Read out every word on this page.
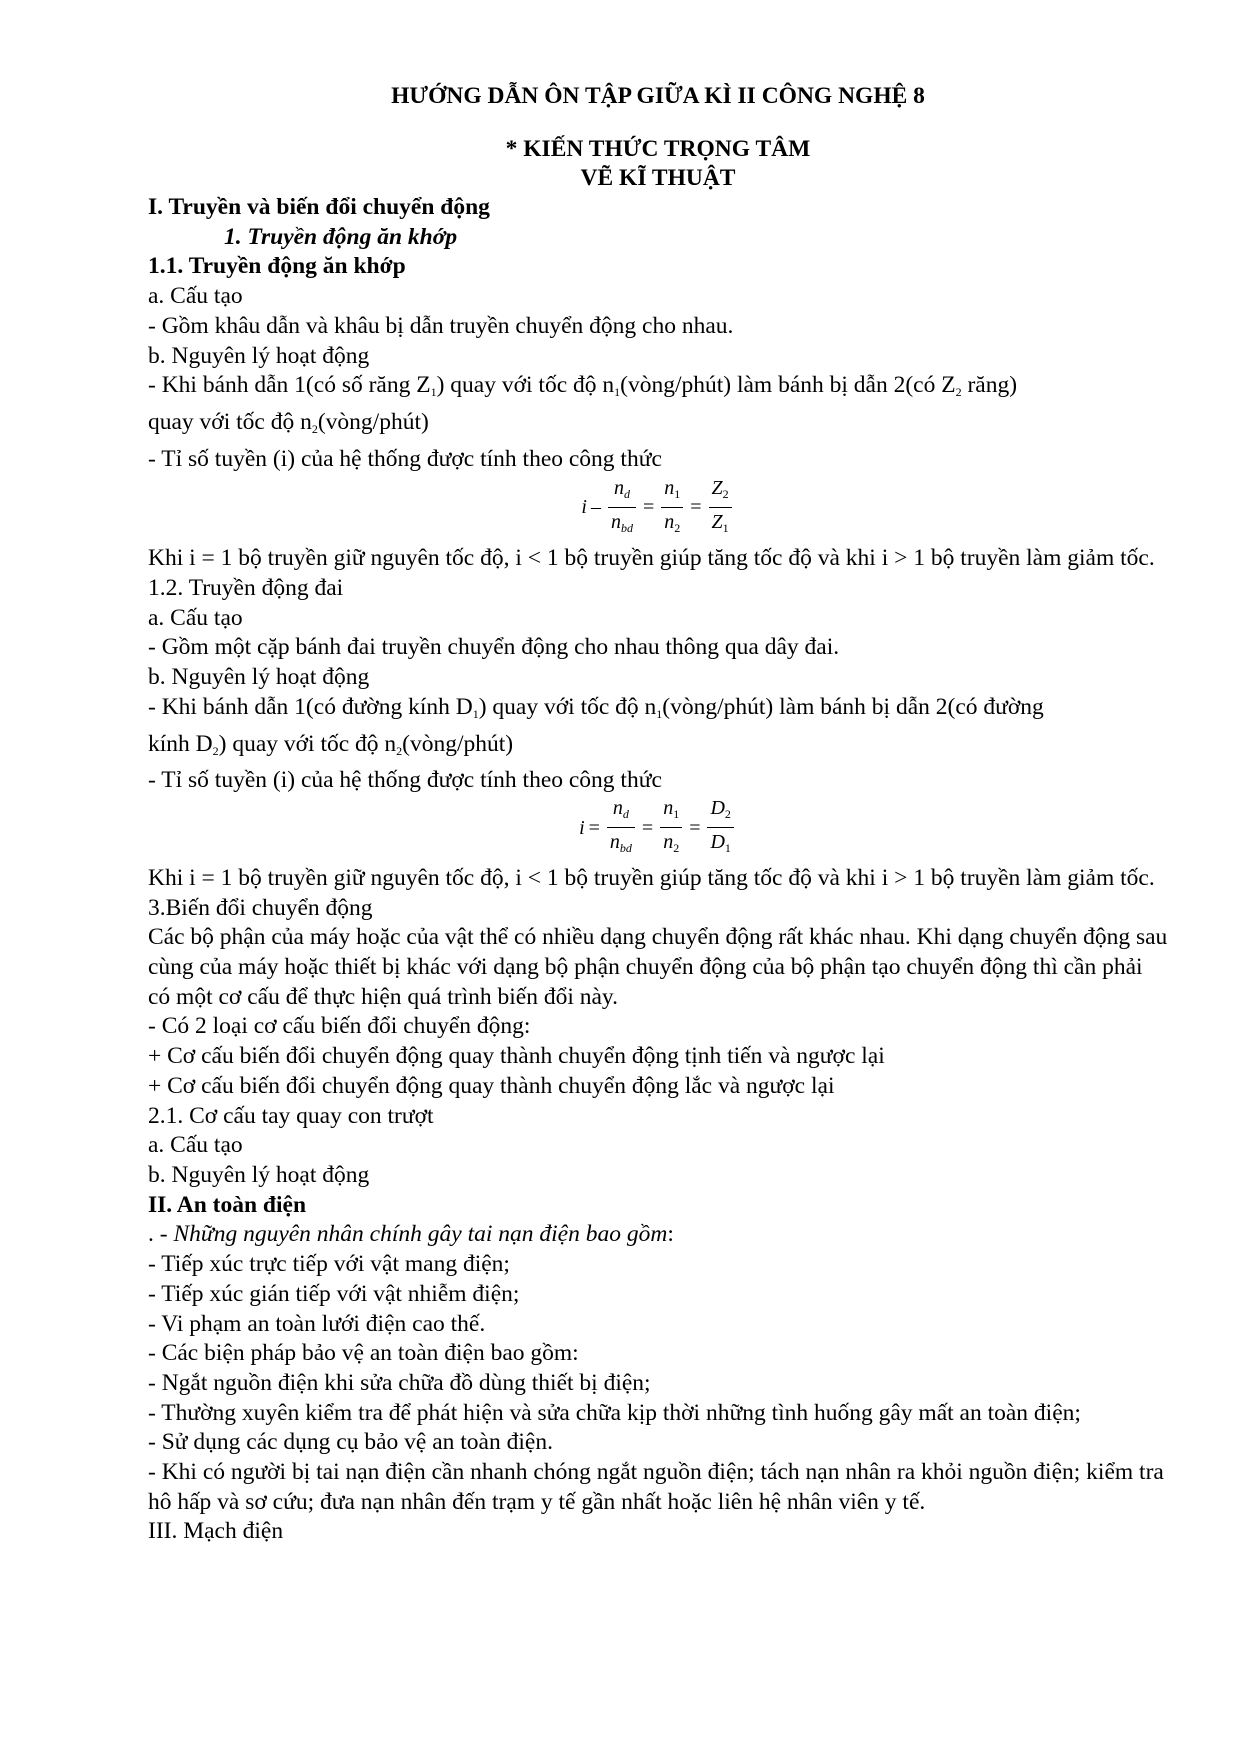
HƯỚNG DẪN ÔN TẬP GIỮA KÌ II CÔNG NGHỆ 8
* KIẾN THỨC TRỌNG TÂM
VẼ KĨ THUẬT

I. Truyền và biến đổi chuyển động

1. Truyền động ăn khớp

1.1. Truyền động ăn khớp

a. Cấu tạo

- Gồm khâu dẫn và khâu bị dẫn truyền chuyển động cho nhau.

b. Nguyên lý hoạt động

- Khi bánh dẫn 1(có số răng Z1) quay với tốc độ n1(vòng/phút) làm bánh bị dẫn 2(có Z2 răng)

quay với tốc độ n2(vòng/phút)

- Tỉ số tuyền (i) của hệ thống được tính theo công thức

$i - \frac{n_d}{n_{bd}} = \frac{n_1}{n_2} = \frac{Z_2}{Z_1}$

Khi i = 1 bộ truyền giữ nguyên tốc độ, i < 1 bộ truyền giúp tăng tốc độ và khi i > 1 bộ truyền làm giảm tốc.

1.2. Truyền động đai

a. Cấu tạo

- Gồm một cặp bánh đai truyền chuyển động cho nhau thông qua dây đai.

b. Nguyên lý hoạt động

- Khi bánh dẫn 1(có đường kính D1) quay với tốc độ n1(vòng/phút) làm bánh bị dẫn 2(có đường

kính D2) quay với tốc độ n2(vòng/phút)

- Tỉ số tuyền (i) của hệ thống được tính theo công thức

$i = \frac{n_d}{n_{bd}} = \frac{n_1}{n_2} = \frac{D_2}{D_1}$

Khi i = 1 bộ truyền giữ nguyên tốc độ, i < 1 bộ truyền giúp tăng tốc độ và khi i > 1 bộ truyền làm giảm tốc.

3.Biến đổi chuyển động

Các bộ phận của máy hoặc của vật thể có nhiều dạng chuyển động rất khác nhau. Khi dạng chuyển động sau cùng của máy hoặc thiết bị khác với dạng bộ phận chuyển động của bộ phận tạo chuyển động thì cần phải có một cơ cấu để thực hiện quá trình biến đổi này.

- Có 2 loại cơ cấu biến đổi chuyển động:

+ Cơ cấu biến đổi chuyển động quay thành chuyển động tịnh tiến và ngược lại

+ Cơ cấu biến đổi chuyển động quay thành chuyển động lắc và ngược lại

2.1. Cơ cấu tay quay con trượt

a. Cấu tạo

b. Nguyên lý hoạt động

II. An toàn điện

. - Những nguyên nhân chính gây tai nạn điện bao gồm:

- Tiếp xúc trực tiếp với vật mang điện;

- Tiếp xúc gián tiếp với vật nhiễm điện;

- Vi phạm an toàn lưới điện cao thế.

- Các biện pháp bảo vệ an toàn điện bao gồm:

- Ngắt nguồn điện khi sửa chữa đồ dùng thiết bị điện;

- Thường xuyên kiểm tra để phát hiện và sửa chữa kịp thời những tình huống gây mất an toàn điện;

- Sử dụng các dụng cụ bảo vệ an toàn điện.

- Khi có người bị tai nạn điện cần nhanh chóng ngắt nguồn điện; tách nạn nhân ra khỏi nguồn điện; kiểm tra hô hấp và sơ cứu; đưa nạn nhân đến trạm y tế gần nhất hoặc liên hệ nhân viên y tế.

III. Mạch điện
